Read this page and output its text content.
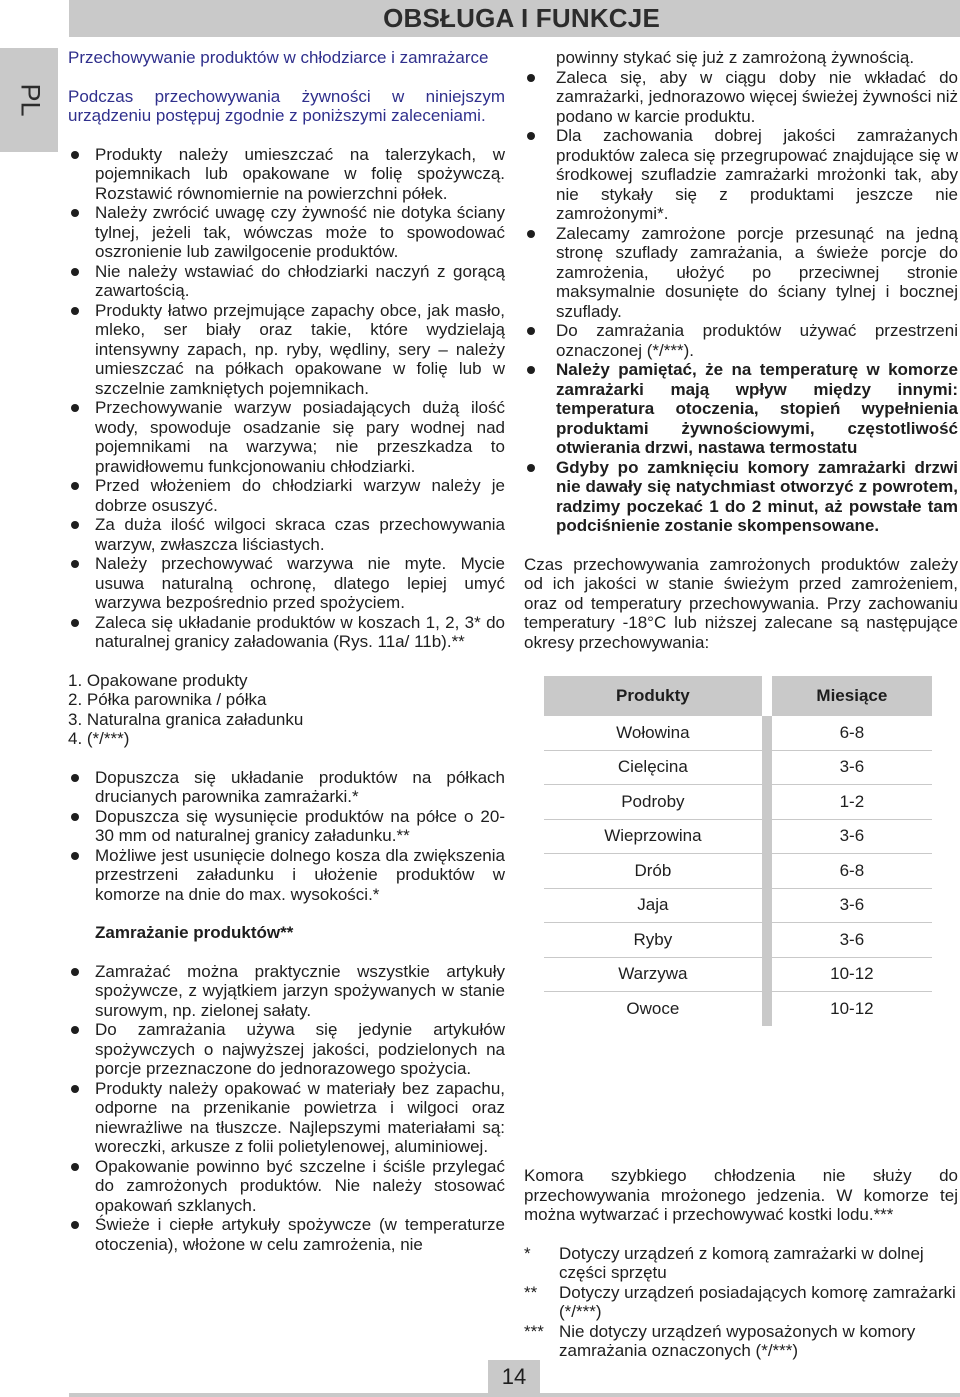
OBSŁUGA I FUNKCJE
PL

Przechowywanie produktów w chłodziarce i zamrażarce

Podczas przechowywania żywności w niniejszym urządzeniu postępuj zgodnie z poniższymi zaleceniami.

Produkty należy umieszczać na talerzykach, w pojemnikach lub opakowane w folię spożywczą. Rozstawić równomiernie na powierzchni półek.
Należy zwrócić uwagę czy żywność nie dotyka ściany tylnej, jeżeli tak, wówczas może to spowodować oszronienie lub zawilgocenie produktów.
Nie należy wstawiać do chłodziarki naczyń z gorącą zawartością.
Produkty łatwo przejmujące zapachy obce, jak masło, mleko, ser biały oraz takie, które wydzielają intensywny zapach, np. ryby, wędliny, sery – należy umieszczać na półkach opakowane w folię lub w szczelnie zamkniętych pojemnikach.
Przechowywanie warzyw posiadających dużą ilość wody, spowoduje osadzanie się pary wodnej nad pojemnikami na warzywa; nie przeszkadza to prawidłowemu funkcjonowaniu chłodziarki.
Przed włożeniem do chłodziarki warzyw należy je dobrze osuszyć.
Za duża ilość wilgoci skraca czas przechowywania warzyw, zwłaszcza liściastych.
Należy przechowywać warzywa nie myte. Mycie usuwa naturalną ochronę, dlatego lepiej umyć warzywa bezpośrednio przed spożyciem.
Zaleca się układanie produktów w koszach 1, 2, 3* do naturalnej granicy załadowania (Rys. 11a/ 11b).**
1. Opakowane produkty
2. Półka parownika / półka
3. Naturalna granica załadunku
4. (*/***)
Dopuszcza się układanie produktów na półkach drucianych parownika zamrażarki.*
Dopuszcza się wysunięcie produktów na półce o 20-30 mm od naturalnej granicy załadunku.**
Możliwe jest usunięcie dolnego kosza dla zwiększenia przestrzeni załadunku i ułożenie produktów w komorze na dnie do max. wysokości.*

Zamrażanie produktów**

Zamrażać można praktycznie wszystkie artykuły spożywcze, z wyjątkiem jarzyn spożywanych w stanie surowym, np. zielonej sałaty.
Do zamrażania używa się jedynie artykułów spożywczych o najwyższej jakości, podzielonych na porcje przeznaczone do jednorazowego spożycia.
Produkty należy opakować w materiały bez zapachu, odporne na przenikanie powietrza i wilgoci oraz niewrażliwe na tłuszcze. Najlepszymi materiałami są: woreczki, arkusze z folii polietylenowej, aluminiowej.
Opakowanie powinno być szczelne i ściśle przylegać do zamrożonych produktów. Nie należy stosować opakowań szklanych.
Świeże i ciepłe artykuły spożywcze (w temperaturze otoczenia), włożone w celu zamrożenia, nie

powinny stykać się już z zamrożoną żywnością.

Zaleca się, aby w ciągu doby nie wkładać do zamrażarki, jednorazowo więcej świeżej żywności niż podano w karcie produktu.
Dla zachowania dobrej jakości zamrażanych produktów zaleca się przegrupować znajdujące się w środkowej szufladzie zamrażarki mrożonki tak, aby nie stykały się z produktami jeszcze nie zamrożonymi*.
Zalecamy zamrożone porcje przesunąć na jedną stronę szuflady zamrażania, a świeże porcje do zamrożenia, ułożyć po przeciwnej stronie maksymalnie dosunięte do ściany tylnej i bocznej szuflady.
Do zamrażania produktów używać przestrzeni oznaczonej (*/***).
Należy pamiętać, że na temperaturę w komorze zamrażarki mają wpływ między innymi: temperatura otoczenia, stopień wypełnienia produktami żywnościowymi, częstotliwość otwierania drzwi, nastawa termostatu
Gdyby po zamknięciu komory zamrażarki drzwi nie dawały się natychmiast otworzyć z powrotem, radzimy poczekać 1 do 2 minut, aż powstałe tam podciśnienie zostanie skompensowane.

Czas przechowywania zamrożonych produktów zależy od ich jakości w stanie świeżym przed zamrożeniem, oraz od temperatury przechowywania. Przy zachowaniu temperatury -18°C lub niższej zalecane są następujące okresy przechowywania:

Produkty	Miesiące
Wołowina	6-8
Cielęcina	3-6
Podroby	1-2
Wieprzowina	3-6
Drób	6-8
Jaja	3-6
Ryby	3-6
Warzywa	10-12
Owoce	10-12

Komora szybkiego chłodzenia nie służy do przechowywania mrożonego jedzenia. W komorze tej można wytwarzać i przechowywać kostki lodu.***

* Dotyczy urządzeń z komorą zamrażarki w dolnej części sprzętu
** Dotyczy urządzeń posiadających komorę zamrażarki (*/***)
*** Nie dotyczy urządzeń wyposażonych w komory zamrażania oznaczonych (*/***)
14
